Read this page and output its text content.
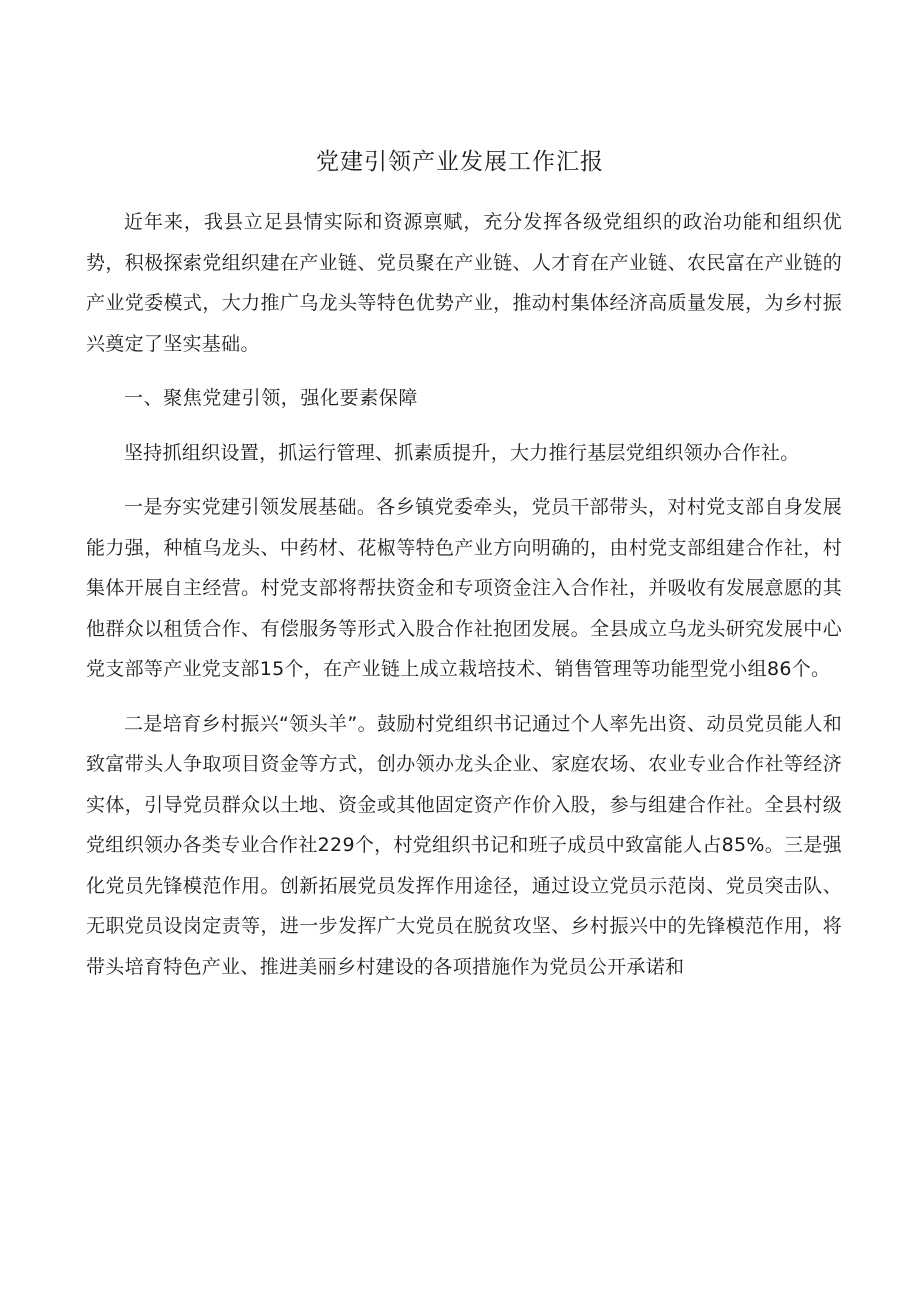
党建引领产业发展工作汇报

近年来，我县立足县情实际和资源禀赋，充分发挥各级党组织的政治功能和组织优势，积极探索党组织建在产业链、党员聚在产业链、人才育在产业链、农民富在产业链的产业党委模式，大力推广乌龙头等特色优势产业，推动村集体经济高质量发展，为乡村振兴奠定了坚实基础。

一、聚焦党建引领，强化要素保障

坚持抓组织设置，抓运行管理、抓素质提升，大力推行基层党组织领办合作社。

一是夯实党建引领发展基础。各乡镇党委牵头，党员干部带头，对村党支部自身发展能力强，种植乌龙头、中药材、花椒等特色产业方向明确的，由村党支部组建合作社，村集体开展自主经营。村党支部将帮扶资金和专项资金注入合作社，并吸收有发展意愿的其他群众以租赁合作、有偿服务等形式入股合作社抱团发展。全县成立乌龙头研究发展中心党支部等产业党支部15个，在产业链上成立栽培技术、销售管理等功能型党小组86个。

二是培育乡村振兴“领头羊”。鼓励村党组织书记通过个人率先出资、动员党员能人和致富带头人争取项目资金等方式，创办领办龙头企业、家庭农场、农业专业合作社等经济实体，引导党员群众以土地、资金或其他固定资产作价入股，参与组建合作社。全县村级党组织领办各类专业合作社229个，村党组织书记和班子成员中致富能人占85%。三是强化党员先锋模范作用。创新拓展党员发挥作用途径，通过设立党员示范岗、党员突击队、无职党员设岗定责等，进一步发挥广大党员在脱贫攻坚、乡村振兴中的先锋模范作用，将带头培育特色产业、推进美丽乡村建设的各项措施作为党员公开承诺和
